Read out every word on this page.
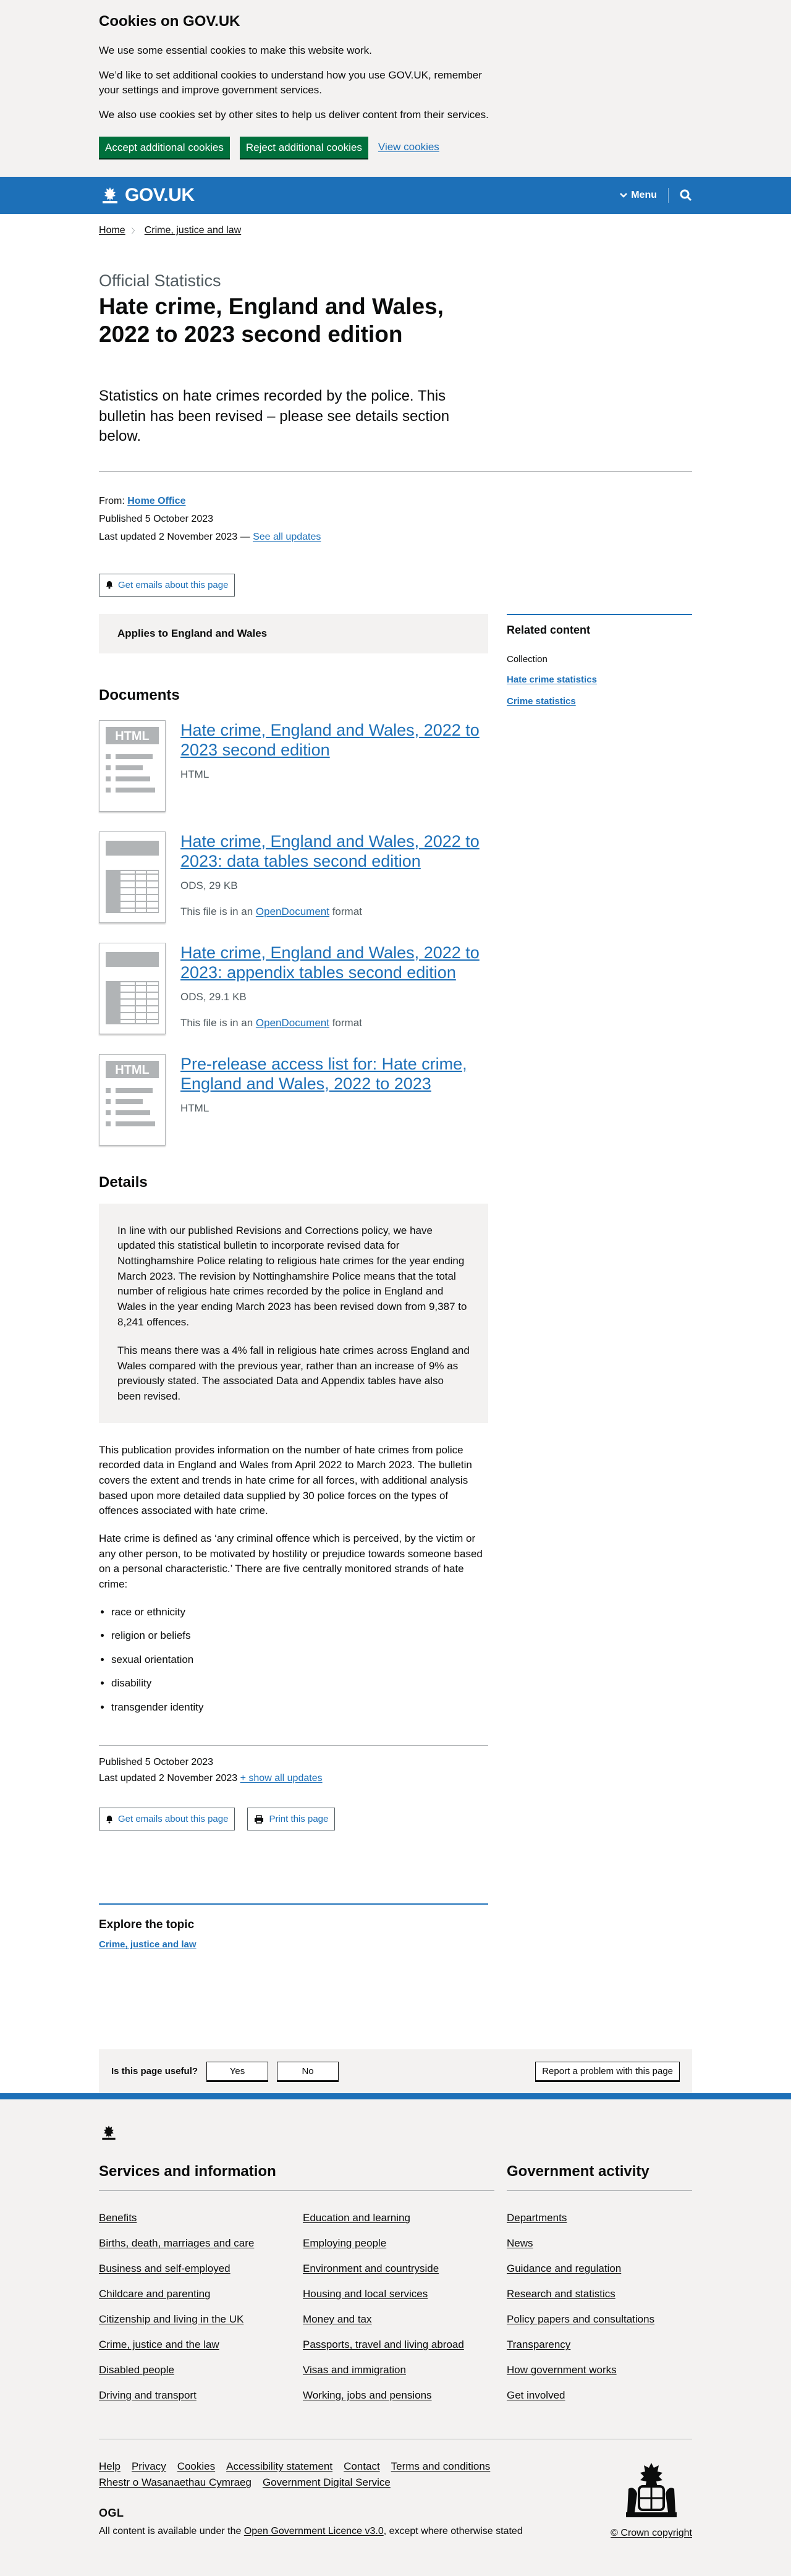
Cookies on GOV.UK

We use some essential cookies to make this website work.

We’d like to set additional cookies to understand how you use GOV.UK, remember your settings and improve government services.

We also use cookies set by other sites to help us deliver content from their services.

Accept additional cookies	Reject additional cookies	View cookies
GOV.UK	Menu
Home 〉 Crime, justice and law

Official Statistics

Hate crime, England and Wales, 2022 to 2023 second edition

Statistics on hate crimes recorded by the police. This bulletin has been revised – please see details section below.

From: Home Office
Published 5 October 2023
Last updated 2 November 2023 — See all updates
Get emails about this page
Applies to England and Wales
Documents
HTML Hate crime, England and Wales, 2022 to 2023 second edition
HTML
Hate crime, England and Wales, 2022 to 2023: data tables second edition
ODS, 29 KB
This file is in an OpenDocument format
Hate crime, England and Wales, 2022 to 2023: appendix tables second edition
ODS, 29.1 KB
This file is in an OpenDocument format
HTML Pre-release access list for: Hate crime, England and Wales, 2022 to 2023
HTML
Details

In line with our published Revisions and Corrections policy, we have updated this statistical bulletin to incorporate revised data for Nottinghamshire Police relating to religious hate crimes for the year ending March 2023. The revision by Nottinghamshire Police means that the total number of religious hate crimes recorded by the police in England and Wales in the year ending March 2023 has been revised down from 9,387 to 8,241 offences.

This means there was a 4% fall in religious hate crimes across England and Wales compared with the previous year, rather than an increase of 9% as previously stated. The associated Data and Appendix tables have also been revised.

This publication provides information on the number of hate crimes from police recorded data in England and Wales from April 2022 to March 2023. The bulletin covers the extent and trends in hate crime for all forces, with additional analysis based upon more detailed data supplied by 30 police forces on the types of offences associated with hate crime.

Hate crime is defined as ‘any criminal offence which is perceived, by the victim or any other person, to be motivated by hostility or prejudice towards someone based on a personal characteristic.’ There are five centrally monitored strands of hate crime:

• race or ethnicity
• religion or beliefs
• sexual orientation
• disability
• transgender identity
Published 5 October 2023
Last updated 2 November 2023 + show all updates
Get emails about this page	Print this page
Explore the topic
Crime, justice and law
Related content
Collection
Hate crime statistics
Crime statistics
Is this page useful?	Yes	No	Report a problem with this page
Services and information
Benefits	Education and learning
Births, death, marriages and care	Employing people
Business and self-employed	Environment and countryside
Childcare and parenting	Housing and local services
Citizenship and living in the UK	Money and tax
Crime, justice and the law	Passports, travel and living abroad
Disabled people	Visas and immigration
Driving and transport	Working, jobs and pensions
Government activity
Departments
News
Guidance and regulation
Research and statistics
Policy papers and consultations
Transparency
How government works
Get involved
Help Privacy Cookies Accessibility statement Contact Terms and conditions
Rhestr o Wasanaethau Cymraeg Government Digital Service
OGL
All content is available under the Open Government Licence v3.0, except where otherwise stated	© Crown copyright
